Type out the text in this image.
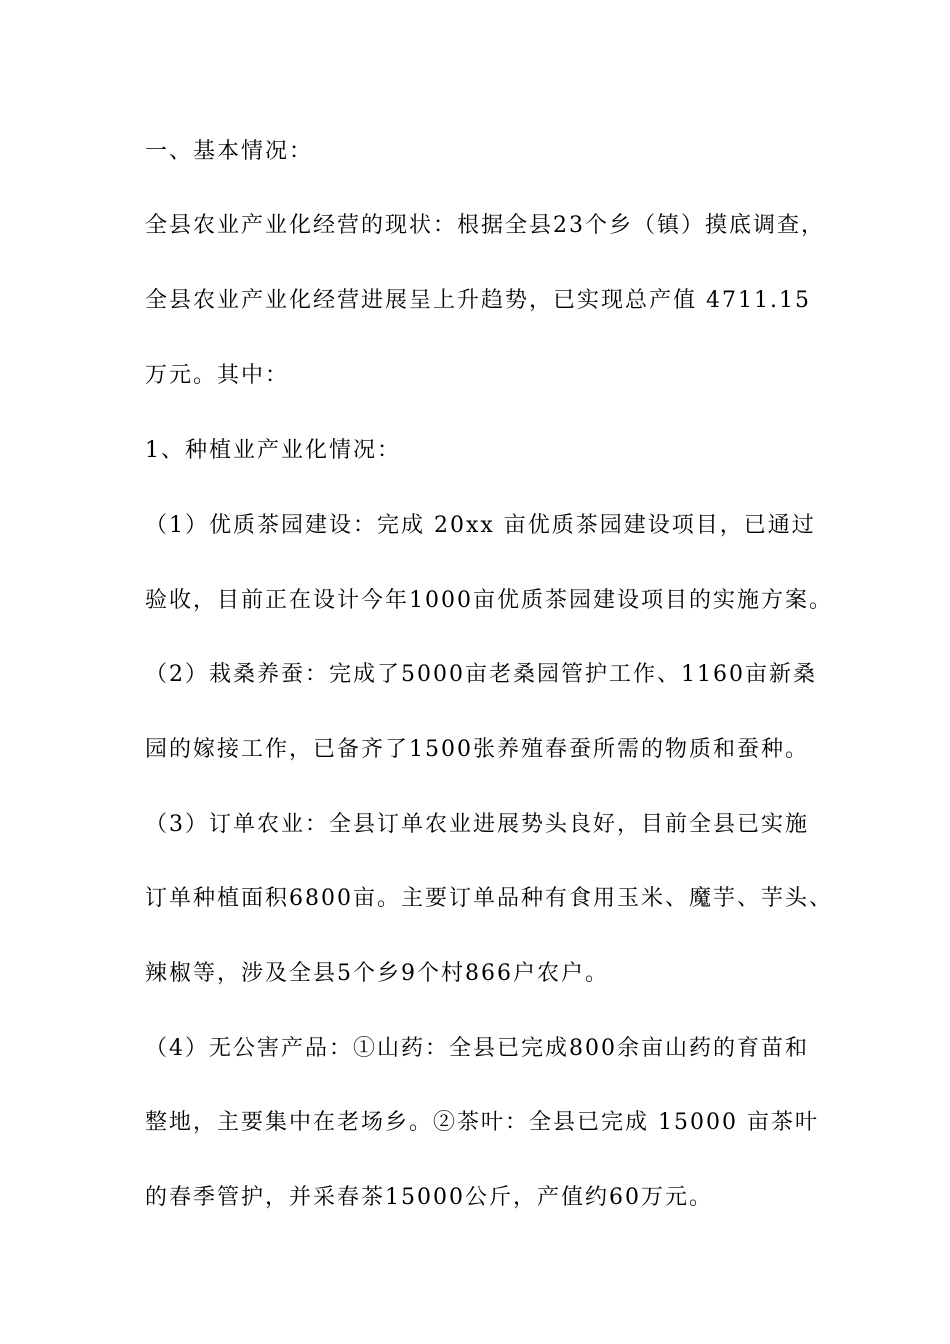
一、基本情况：
全县农业产业化经营的现状：根据全县23个乡（镇）摸底调查，
全县农业产业化经营进展呈上升趋势，已实现总产值 4711.15
万元。其中：
1、种植业产业化情况：
（1）优质茶园建设：完成 20xx 亩优质茶园建设项目，已通过
验收，目前正在设计今年1000亩优质茶园建设项目的实施方案。
（2）栽桑养蚕：完成了5000亩老桑园管护工作、1160亩新桑
园的嫁接工作，已备齐了1500张养殖春蚕所需的物质和蚕种。
（3）订单农业：全县订单农业进展势头良好，目前全县已实施
订单种植面积6800亩。主要订单品种有食用玉米、魔芋、芋头、
辣椒等，涉及全县5个乡9个村866户农户。
（4）无公害产品：①山药：全县已完成800余亩山药的育苗和
整地，主要集中在老场乡。②茶叶：全县已完成 15000 亩茶叶
的春季管护，并采春茶15000公斤，产值约60万元。
